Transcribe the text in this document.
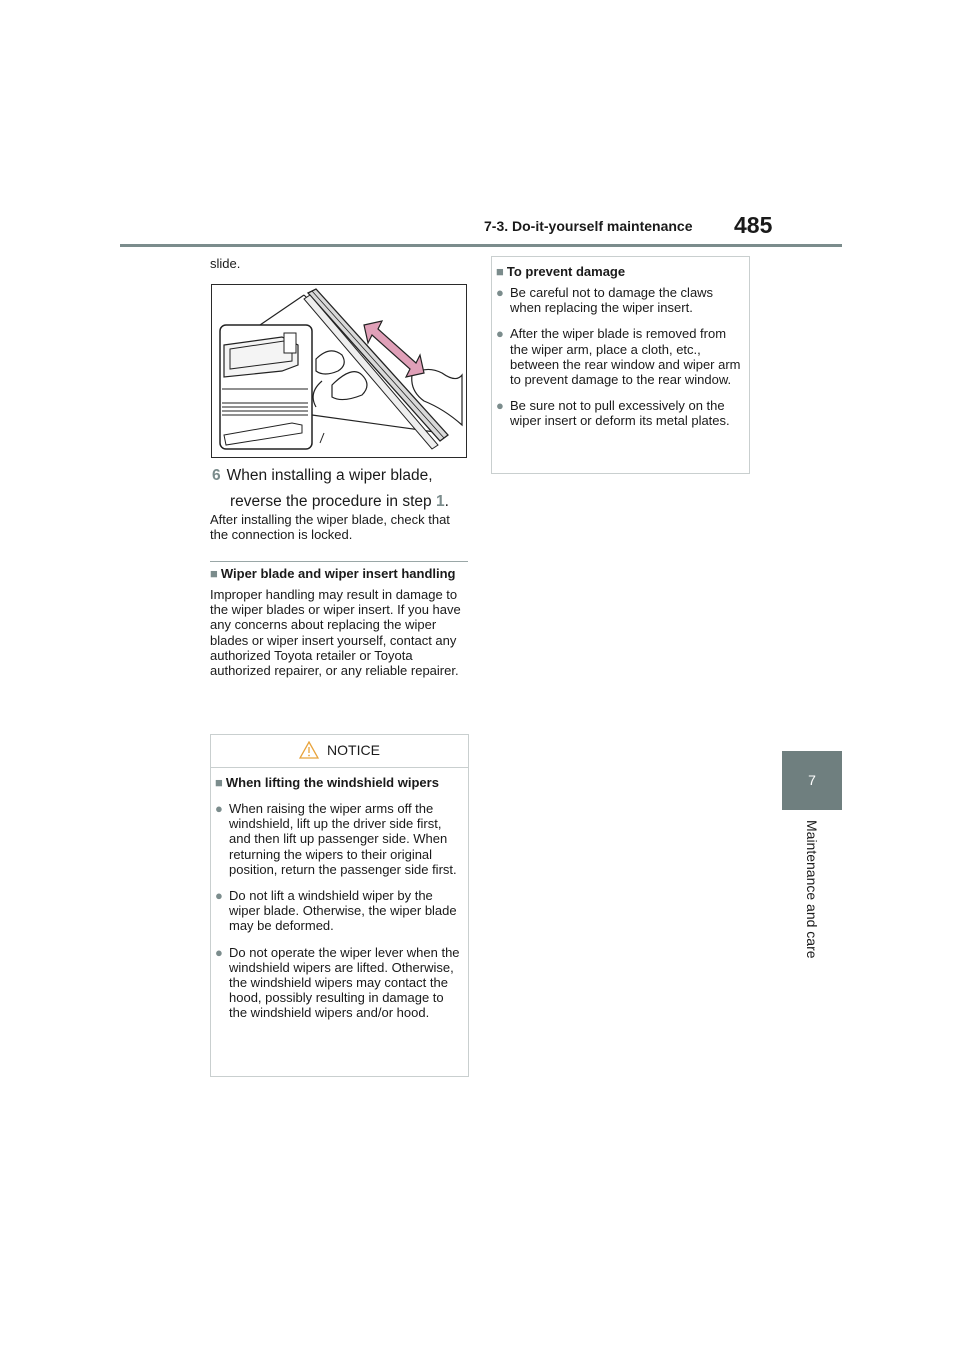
7-3. Do-it-yourself maintenance 485
7
Maintenance and care
slide.
6 When installing a wiper blade,
reverse the procedure in step 1.
After installing the wiper blade, check that the connection is locked.
■ Wiper blade and wiper insert handling
Improper handling may result in damage to the wiper blades or wiper insert. If you have any concerns about replacing the wiper blades or wiper insert yourself, contact any authorized Toyota retailer or Toyota authorized repairer, or any reliable repairer.
NOTICE
■ When lifting the windshield wipers
● When raising the wiper arms off the windshield, lift up the driver side first, and then lift up passenger side. When returning the wipers to their original position, return the passenger side first.
● Do not lift a windshield wiper by the wiper blade. Otherwise, the wiper blade may be deformed.
● Do not operate the wiper lever when the windshield wipers are lifted. Otherwise, the windshield wipers may contact the hood, possibly resulting in damage to the windshield wipers and/or hood.
■ To prevent damage
● Be careful not to damage the claws when replacing the wiper insert.
● After the wiper blade is removed from the wiper arm, place a cloth, etc., between the rear window and wiper arm to prevent damage to the rear window.
● Be sure not to pull excessively on the wiper insert or deform its metal plates.
